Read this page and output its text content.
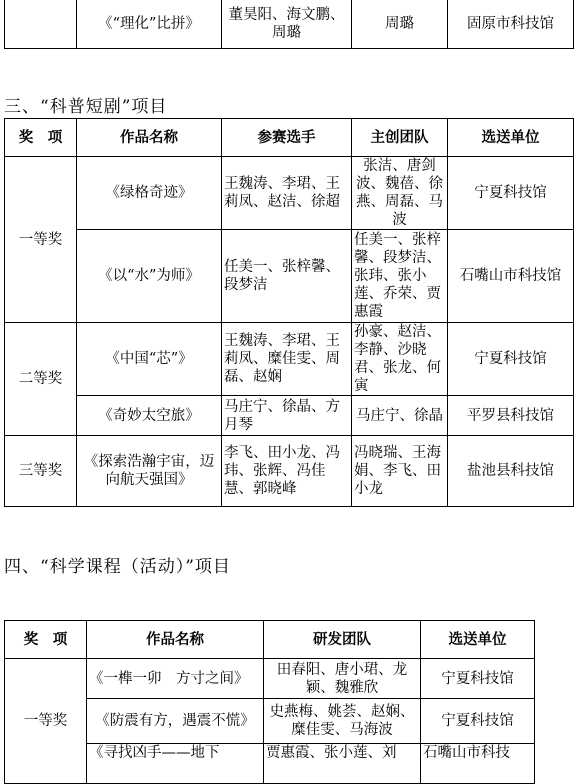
	《“理化”比拼》	董昊阳、海文鹏、周璐	周璐	固原市科技馆
三、“科普短剧”项目
奖　项	作品名称	参赛选手	主创团队	选送单位
一等奖	《绿格奇迹》	王魏涛、李珺、王莉凤、赵洁、徐超	张洁、唐剑波、魏蓓、徐燕、周磊、马波	宁夏科技馆
	《以“水”为师》	任美一、张梓馨、段梦洁	任美一、张梓馨、段梦洁、张玮、张小莲、乔荣、贾惠霞	石嘴山市科技馆
二等奖	《中国“芯”》	王魏涛、李珺、王莉凤、糜佳雯、周磊、赵娴	孙豪、赵洁、李静、沙晓君、张龙、何寅	宁夏科技馆
	《奇妙太空旅》	马庄宁、徐晶、方月琴	马庄宁、徐晶	平罗县科技馆
三等奖	《探索浩瀚宇宙，迈向航天强国》	李飞、田小龙、冯玮、张辉、冯佳慧、郭晓峰	冯晓瑞、王海娟、李飞、田小龙	盐池县科技馆
四、“科学课程（活动）”项目
奖　项	作品名称	研发团队	选送单位
一等奖	《一榫一卯　方寸之间》	田春阳、唐小珺、龙颖、魏雅欣	宁夏科技馆
	《防震有方，遇震不慌》	史燕梅、姚荟、赵娴、糜佳雯、马海波	宁夏科技馆
	《寻找凶手——地下	贾惠霞、张小莲、刘	石嘴山市科技
